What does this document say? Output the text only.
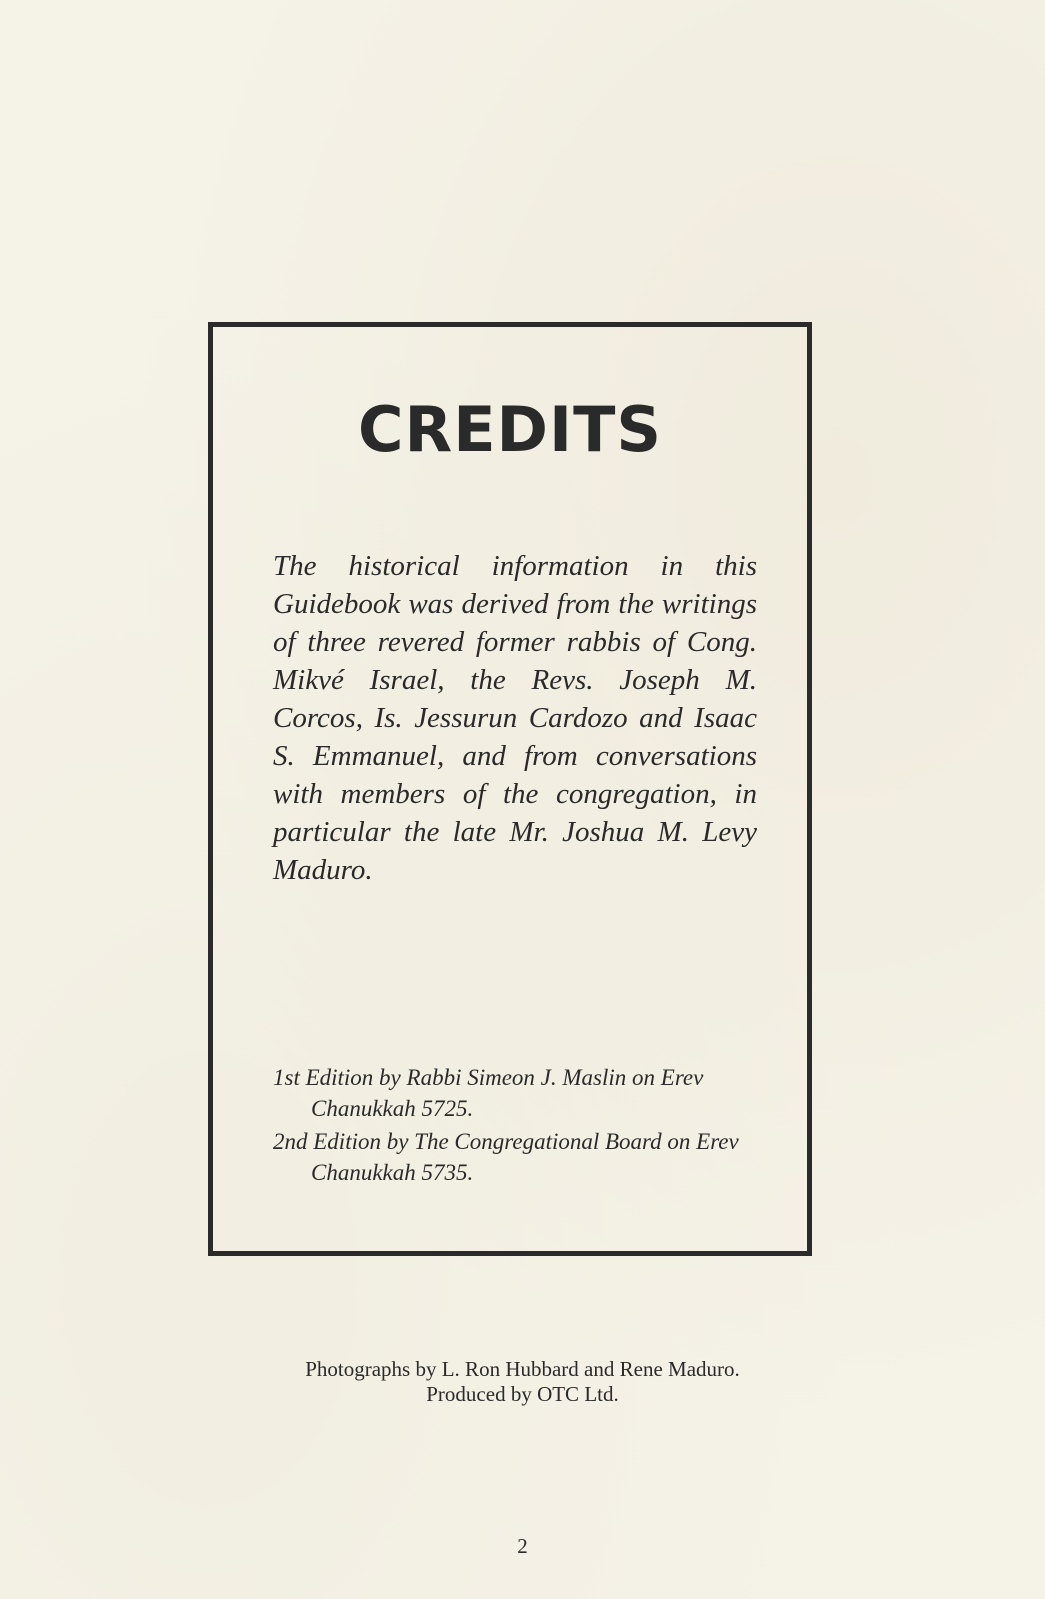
CREDITS
The historical information in this Guidebook was derived from the writings of three revered former rabbis of Cong. Mikvé Israel, the Revs. Joseph M. Corcos, Is. Jessurun Cardozo and Isaac S. Emmanuel, and from conversations with members of the congregation, in particular the late Mr. Joshua M. Levy Maduro.
1st Edition by Rabbi Simeon J. Maslin on Erev Chanukkah 5725.
2nd Edition by The Congregational Board on Erev Chanukkah 5735.
Photographs by L. Ron Hubbard and Rene Maduro.
Produced by OTC Ltd.
2
